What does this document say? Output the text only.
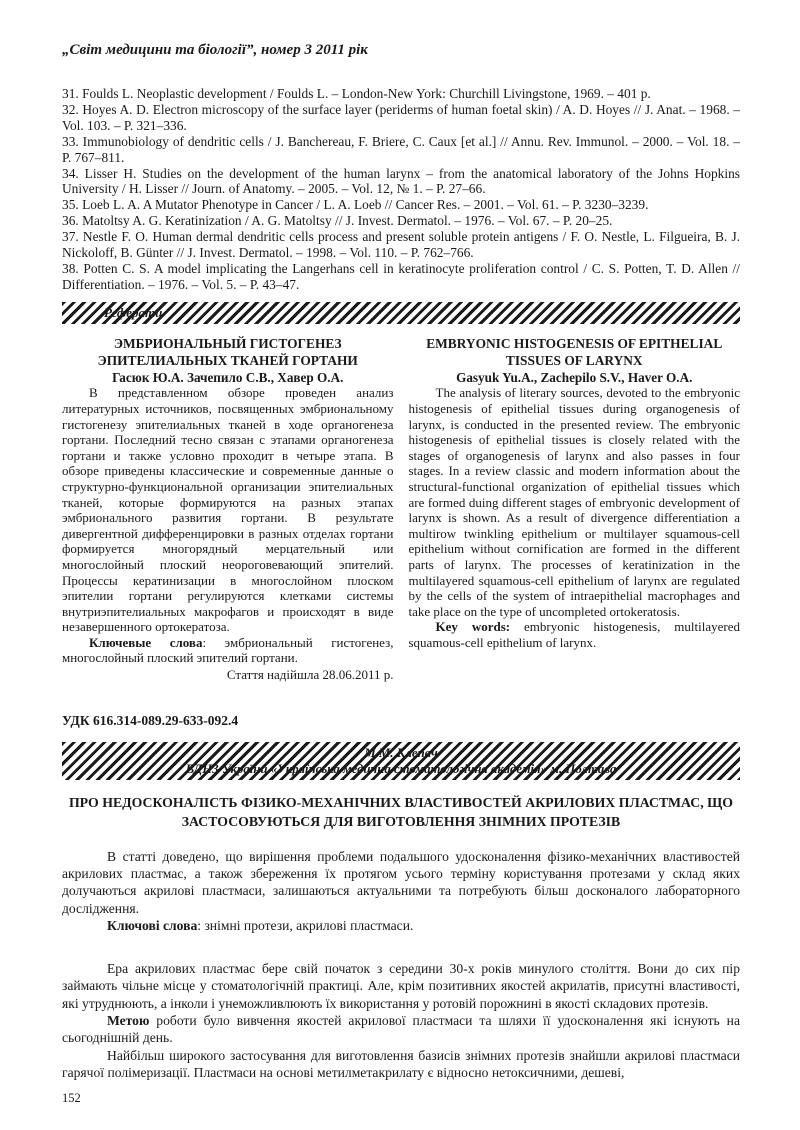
„Світ медицини та біології”, номер 3 2011 рік

31. Foulds L. Neoplastic development / Foulds L. – London-New York: Churchill Livingstone, 1969. – 401 p.

32. Hoyes A. D. Electron microscopy of the surface layer (periderms of human foetal skin) / A. D. Hoyes // J. Anat. – 1968. – Vol. 103. – P. 321–336.

33. Immunobiology of dendritic cells / J. Banchereau, F. Briere, C. Caux [et al.] // Annu. Rev. Immunol. – 2000. – Vol. 18. – P. 767–811.

34. Lisser H. Studies on the development of the human larynx – from the anatomical laboratory of the Johns Hopkins University / H. Lisser // Journ. of Anatomy. – 2005. – Vol. 12, № 1. – P. 27–66.

35. Loeb L. A. A Mutator Phenotype in Cancer / L. A. Loeb // Cancer Res. – 2001. – Vol. 61. – P. 3230–3239.

36. Matoltsy A. G. Keratinization / A. G. Matoltsy // J. Invest. Dermatol. – 1976. – Vol. 67. – P. 20–25.

37. Nestle F. O. Human dermal dendritic cells process and present soluble protein antigens / F. O. Nestle, L. Filgueira, B. J. Nickoloff, B. Günter // J. Invest. Dermatol. – 1998. – Vol. 110. – P. 762–766.

38. Potten C. S. A model implicating the Langerhans cell in keratinocyte proliferation control / C. S. Potten, T. D. Allen // Differentiation. – 1976. – Vol. 5. – P. 43–47.

Реферати
ЭМБРИОНАЛЬНЫЙ ГИСТОГЕНЕЗ ЭПИТЕЛИАЛЬНЫХ ТКАНЕЙ ГОРТАНИ
Гасюк Ю.А. Зачепило С.В., Хавер О.А.

В представленном обзоре проведен анализ литературных источников, посвященных эмбриональному гистогенезу эпителиальных тканей в ходе органогенеза гортани. Последний тесно связан с этапами органогенеза гортани и также условно проходит в четыре этапа. В обзоре приведены классические и современные данные о структурно-функциональной организации эпителиальных тканей, которые формируются на разных этапах эмбрионального развития гортани. В результате дивергентной дифференцировки в разных отделах гортани формируется многорядный мерцательный или многослойный плоский неороговевающий эпителий. Процессы кератинизации в многослойном плоском эпителии гортани регулируются клетками системы внутриэпителиальных макрофагов и происходят в виде незавершенного ортокератоза.

Ключевые слова: эмбриональный гистогенез, многослойный плоский эпителий гортани.

Стаття надійшла 28.06.2011 р.
EMBRYONIC HISTOGENESIS OF EPITHELIAL TISSUES OF LARYNX
Gasyuk Yu.A., Zachepilo S.V., Haver O.A.

The analysis of literary sources, devoted to the embryonic histogenesis of epithelial tissues during organogenesis of larynx, is conducted in the presented review. The embryonic histogenesis of epithelial tissues is closely related with the stages of organogenesis of larynx and also passes in four stages. In a review classic and modern information about the structural-functional organization of epithelial tissues which are formed duing different stages of embryonic development of larynx is shown. As a result of divergence differentiation a multirow twinkling epithelium or multilayer squamous-cell epithelium without cornification are formed in the different parts of larynx. The processes of keratinization in the multilayered squamous-cell epithelium of larynx are regulated by the cells of the system of intraepithelial macrophages and take place on the type of uncompleted ortokeratosis.

Key words: embryonic histogenesis, multilayered squamous-cell epithelium of larynx.

УДК 616.314-089.29-633-092.4
М.М. Клепач
ВДНЗ України «Українська медична стоматологічна академія» м. Полтава
ПРО НЕДОСКОНАЛІСТЬ ФІЗИКО-МЕХАНІЧНИХ ВЛАСТИВОСТЕЙ АКРИЛОВИХ ПЛАСТМАС, ЩО ЗАСТОСОВУЮТЬСЯ ДЛЯ ВИГОТОВЛЕННЯ ЗНІМНИХ ПРОТЕЗІВ

В статті доведено, що вирішення проблеми подальшого удосконалення фізико-механічних властивостей акрилових пластмас, а також збереження їх протягом усього терміну користування протезами у склад яких долучаються акрилові пластмаси, залишаються актуальними та потребують більш досконалого лабораторного дослідження.

Ключові слова: знімні протези, акрилові пластмаси.

Ера акрилових пластмас бере свій початок з середини 30-х років минулого століття. Вони до сих пір займають чільне місце у стоматологічній практиці. Але, крім позитивних якостей акрилатів, присутні властивості, які утруднюють, а інколи і унеможливлюють їх використання у ротовій порожнині в якості складових протезів.

Метою роботи було вивчення якостей акрилової пластмаси та шляхи її удосконалення які існують на сьогоднішній день.

Найбільш широкого застосування для виготовлення базисів знімних протезів знайшли акрилові пластмаси гарячої полімеризації. Пластмаси на основі метилметакрилату є відносно нетоксичними, дешеві,

152
